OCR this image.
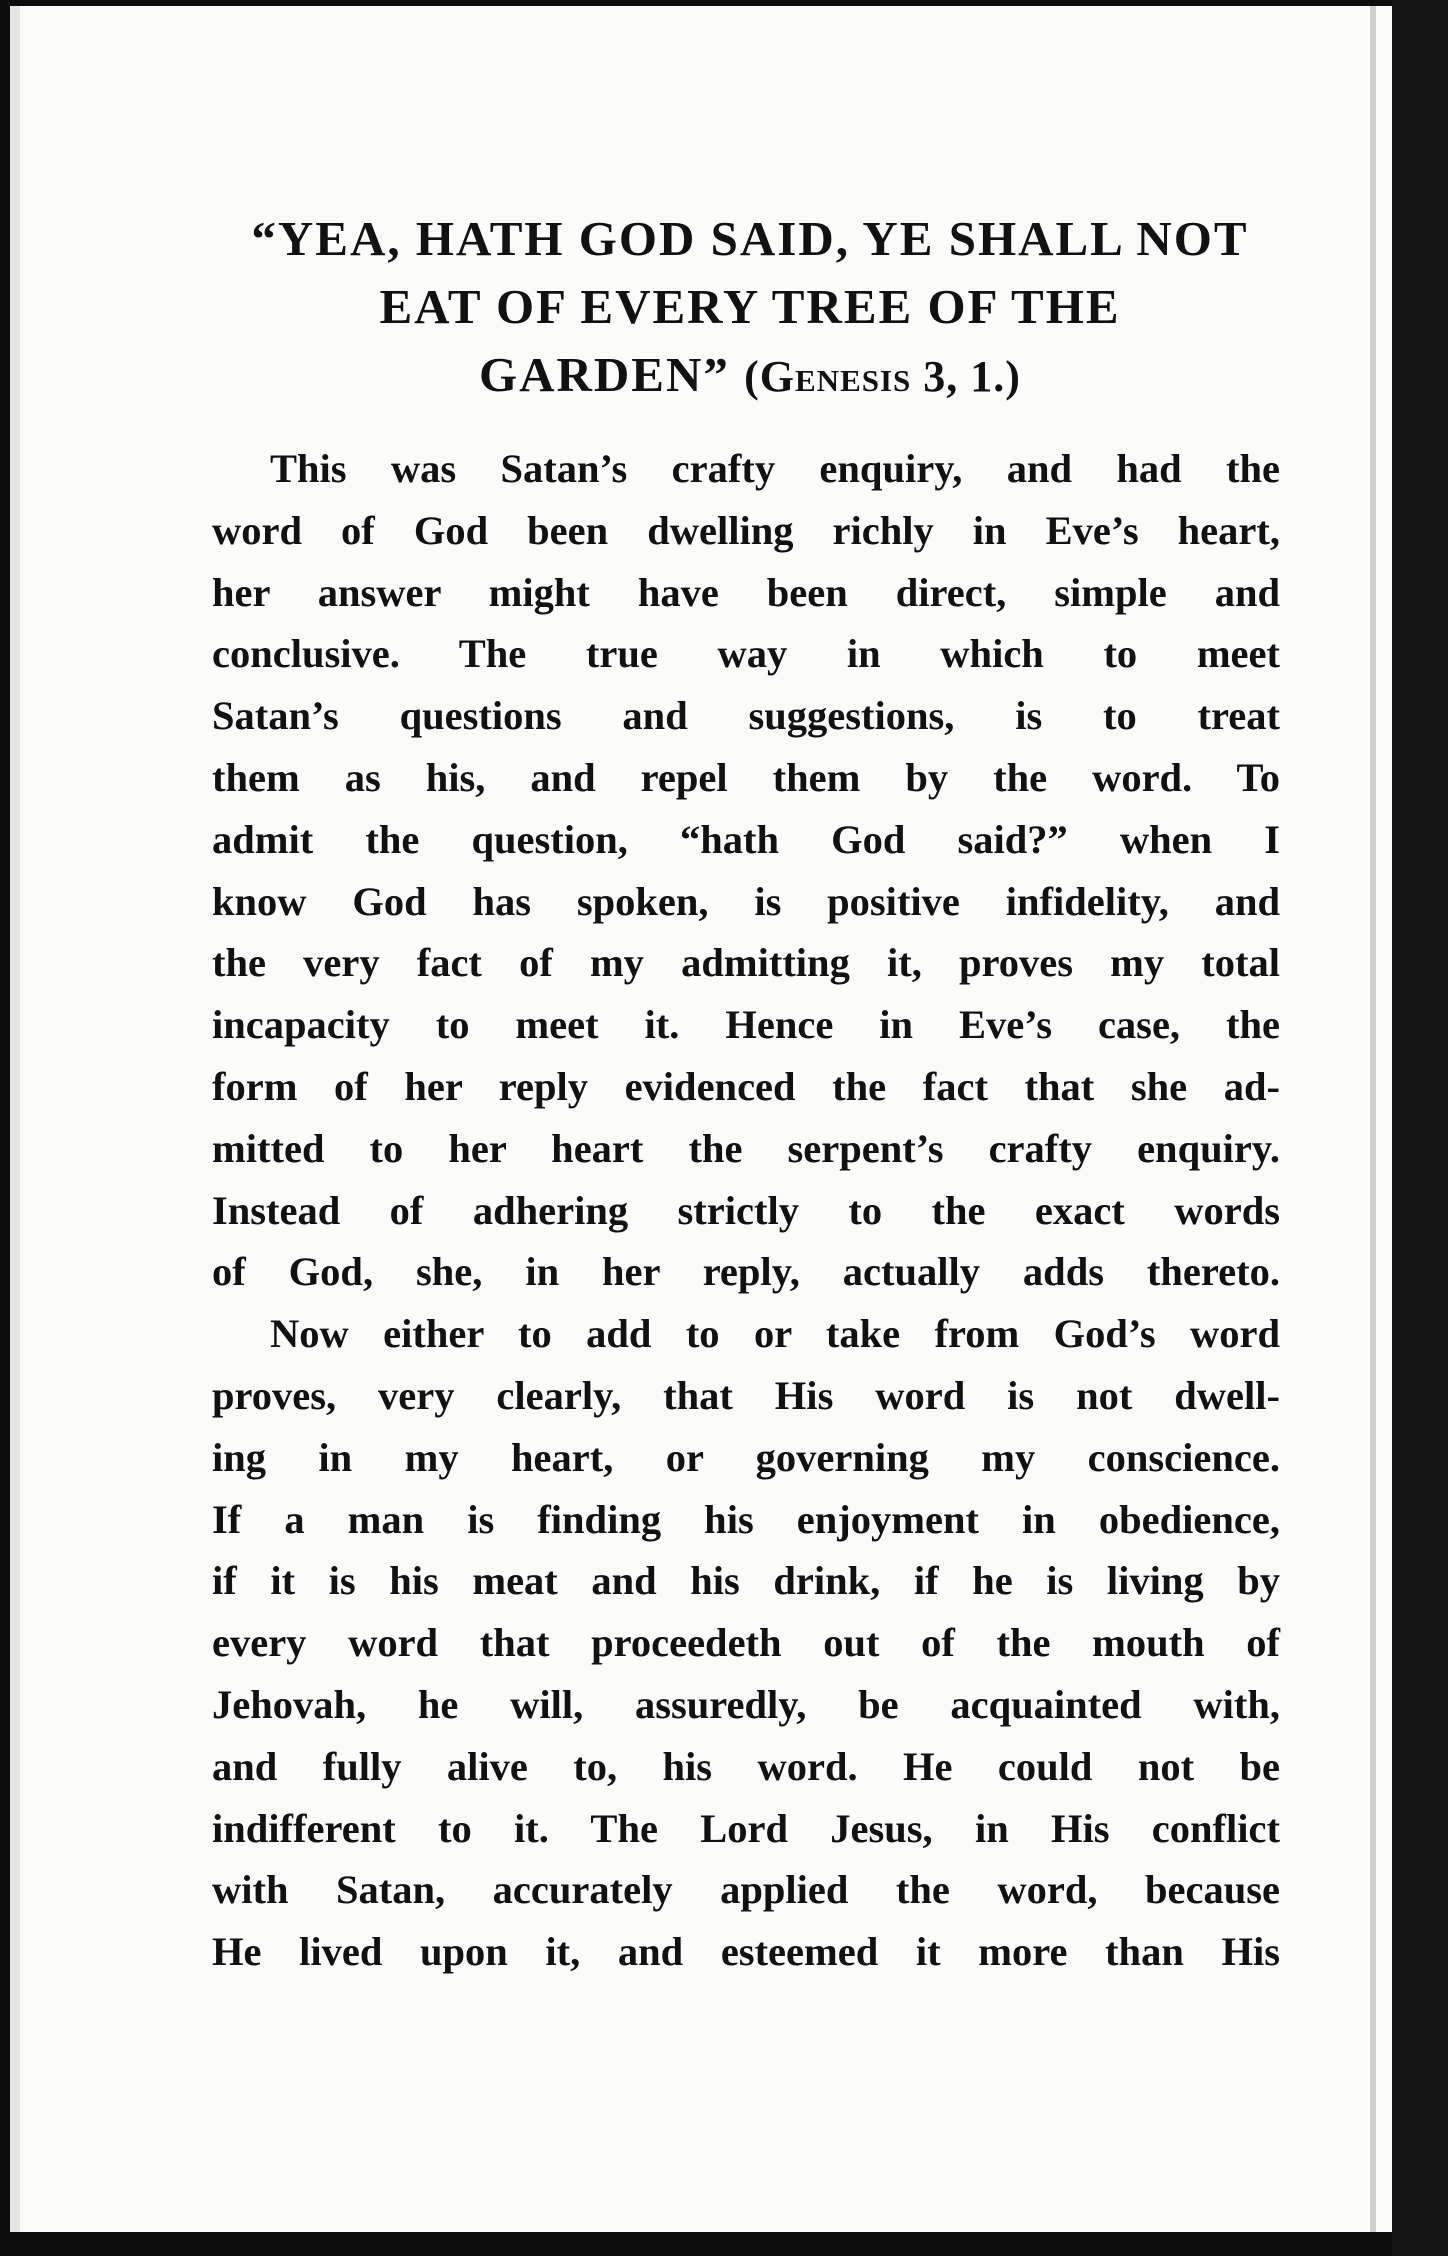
“YEA, HATH GOD SAID, YE SHALL NOT
EAT OF EVERY TREE OF THE
GARDEN” (Genesis 3, 1.)
This was Satan’s crafty enquiry, and had the
word of God been dwelling richly in Eve’s heart,
her answer might have been direct, simple and
conclusive. The true way in which to meet
Satan’s questions and suggestions, is to treat
them as his, and repel them by the word. To
admit the question, “hath God said?” when I
know God has spoken, is positive infidelity, and
the very fact of my admitting it, proves my total
incapacity to meet it. Hence in Eve’s case, the
form of her reply evidenced the fact that she ad-
mitted to her heart the serpent’s crafty enquiry.
Instead of adhering strictly to the exact words
of God, she, in her reply, actually adds thereto.
Now either to add to or take from God’s word
proves, very clearly, that His word is not dwell-
ing in my heart, or governing my conscience.
If a man is finding his enjoyment in obedience,
if it is his meat and his drink, if he is living by
every word that proceedeth out of the mouth of
Jehovah, he will, assuredly, be acquainted with,
and fully alive to, his word. He could not be
indifferent to it. The Lord Jesus, in His conflict
with Satan, accurately applied the word, because
He lived upon it, and esteemed it more than His
